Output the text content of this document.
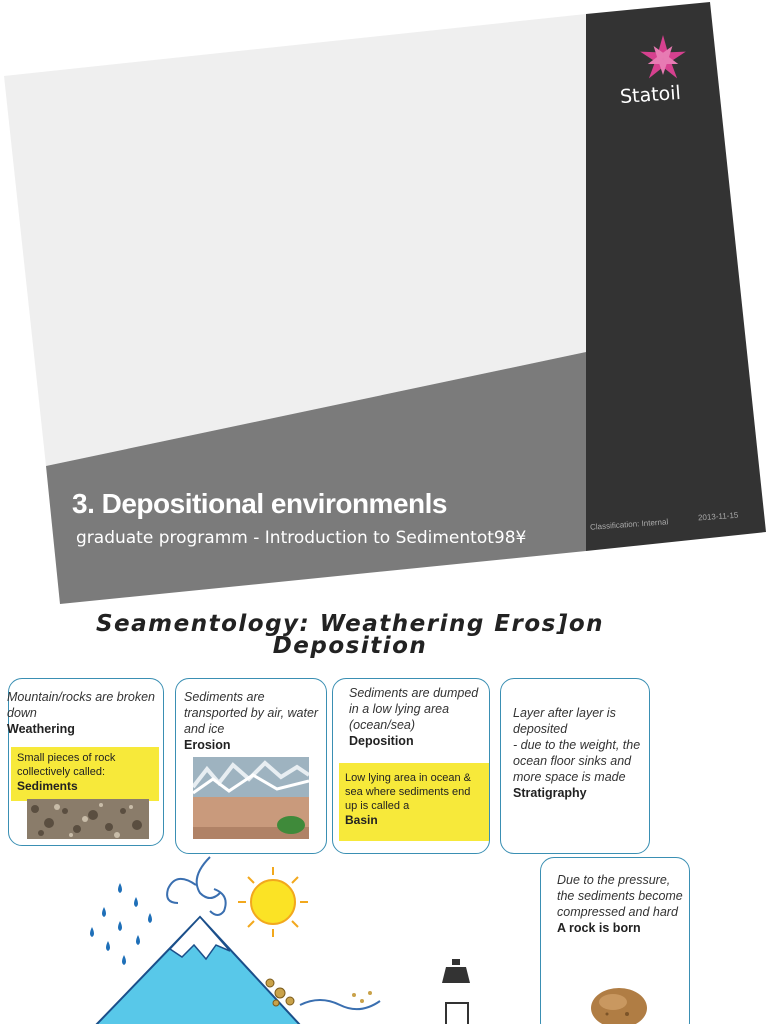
Statoil
3. Depositional environmenls
graduate programm - Introduction to Sedimentot98¥
Classification: Internal
2013-11-15
Seamentology: Weathering Eros]on
Deposition
Mountain/rocks are broken down
Weathering
Small pieces of rock collectively called:
Sediments
Sediments are transported by air, water and ice
Erosion
Sediments are dumped in a low lying area (ocean/sea)
Deposition
Low lying area in ocean & sea where sediments end up is called a
Basin

Layer after layer is deposited
- due to the weight, the ocean floor sinks and more space is made

Stratigraphy

Due to the pressure, the sediments become compressed and hard
A rock is born
